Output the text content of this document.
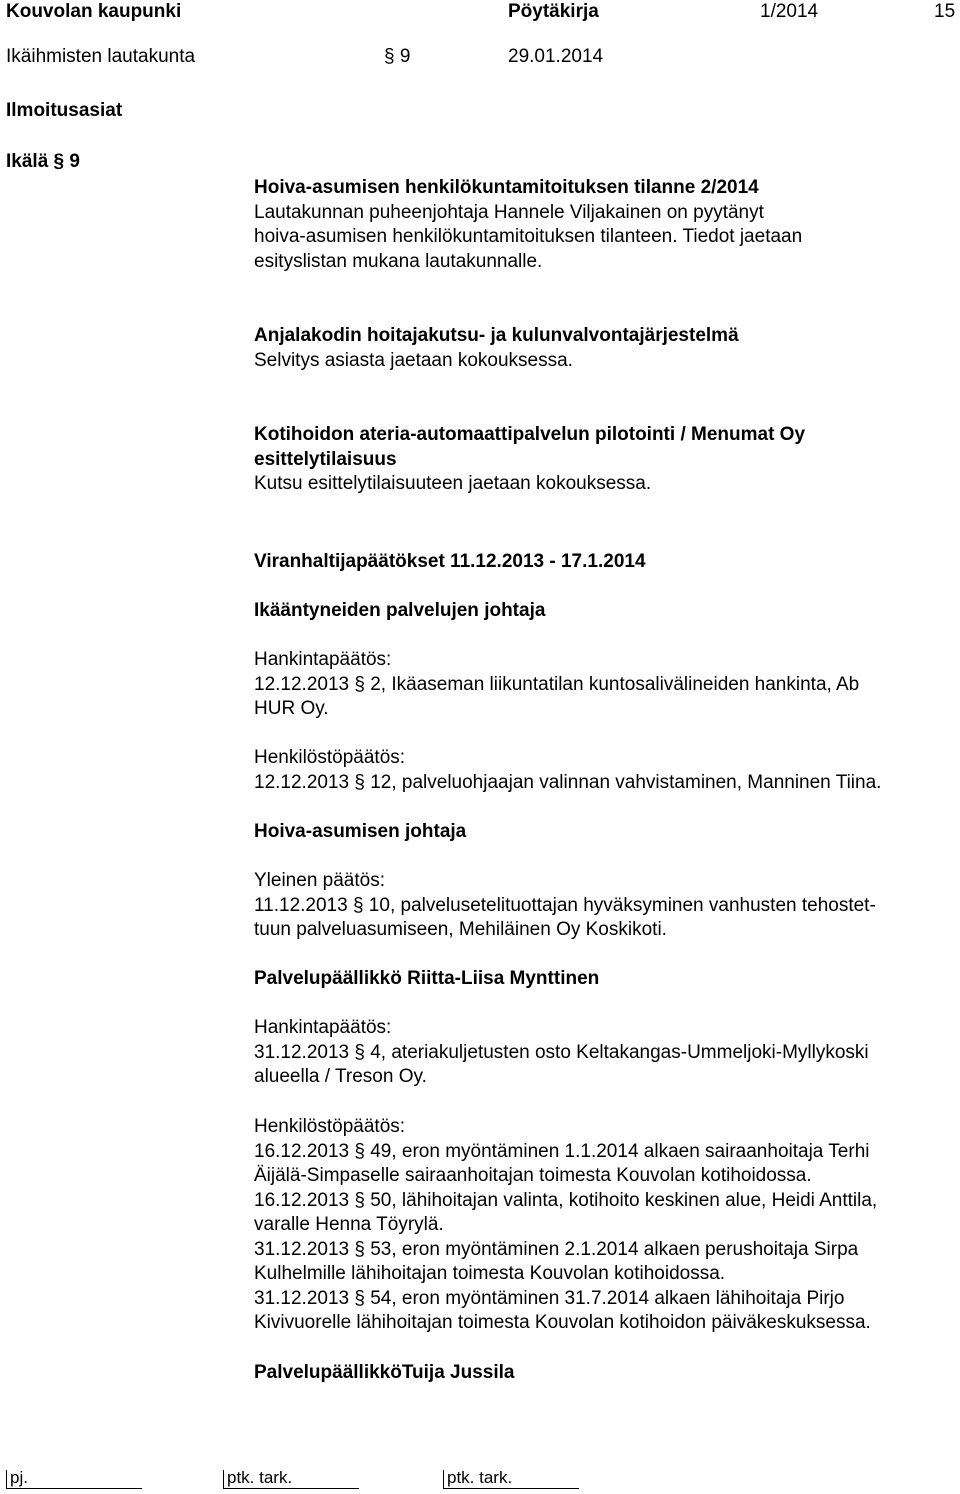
Kouvolan kaupunki	Pöytäkirja	1/2014	15
Ikäihmisten lautakunta	§ 9	29.01.2014
Ilmoitusasiat
Ikälä § 9
Hoiva-asumisen henkilökuntamitoituksen tilanne 2/2014
Lautakunnan puheenjohtaja Hannele Viljakainen on pyytänyt
hoiva-asumisen henkilökuntamitoituksen tilanteen. Tiedot jaetaan
esityslistan mukana lautakunnalle.
Anjalakodin hoitajakutsu- ja kulunvalvontajärjestelmä
Selvitys asiasta jaetaan kokouksessa.
Kotihoidon ateria-automaattipalvelun pilotointi / Menumat Oy
esittelytilaisuus
Kutsu esittelytilaisuuteen jaetaan kokouksessa.
Viranhaltijapäätökset 11.12.2013 - 17.1.2014
Ikääntyneiden palvelujen johtaja
Hankintapäätös:
12.12.2013 § 2, Ikäaseman liikuntatilan kuntosalivälineiden hankinta, Ab
HUR Oy.
Henkilöstöpäätös:
12.12.2013 § 12, palveluohjaajan valinnan vahvistaminen, Manninen Tiina.
Hoiva-asumisen johtaja
Yleinen päätös:
11.12.2013 § 10, palvelusetelituottajan hyväksyminen vanhusten tehostet-
tuun palveluasumiseen, Mehiläinen Oy Koskikoti.
Palvelupäällikkö Riitta-Liisa Mynttinen
Hankintapäätös:
31.12.2013 § 4, ateriakuljetusten osto Keltakangas-Ummeljoki-Myllykoski
alueella / Treson Oy.
Henkilöstöpäätös:
16.12.2013 § 49, eron myöntäminen 1.1.2014 alkaen sairaanhoitaja Terhi
Äijälä-Simpaselle sairaanhoitajan toimesta Kouvolan kotihoidossa.
16.12.2013 § 50, lähihoitajan valinta, kotihoito keskinen alue, Heidi Anttila,
varalle Henna Töyrylä.
31.12.2013 § 53, eron myöntäminen 2.1.2014 alkaen perushoitaja Sirpa
Kulhelmille lähihoitajan toimesta Kouvolan kotihoidossa.
31.12.2013 § 54, eron myöntäminen 31.7.2014 alkaen lähihoitaja Pirjo
Kivivuorelle lähihoitajan toimesta Kouvolan kotihoidon päiväkeskuksessa.
PalvelupäällikköTuija Jussila
pj.	ptk. tark.	ptk. tark.
